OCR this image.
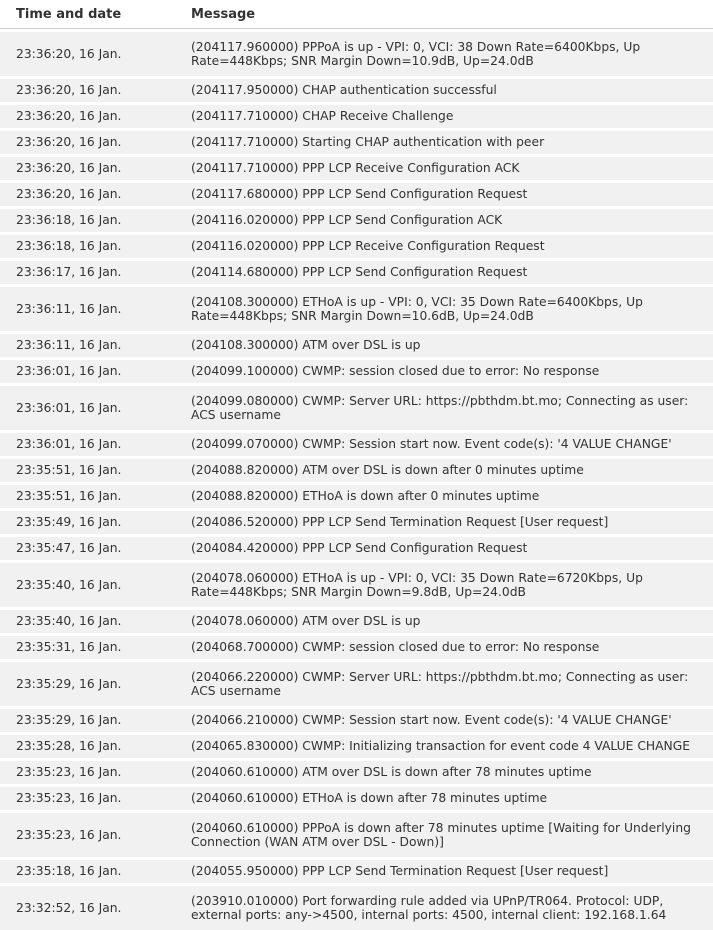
Time and date	Message
23:36:20, 16 Jan.	(204117.960000) PPPoA is up - VPI: 0, VCI: 38 Down Rate=6400Kbps, Up Rate=448Kbps; SNR Margin Down=10.9dB, Up=24.0dB
23:36:20, 16 Jan.	(204117.950000) CHAP authentication successful
23:36:20, 16 Jan.	(204117.710000) CHAP Receive Challenge
23:36:20, 16 Jan.	(204117.710000) Starting CHAP authentication with peer
23:36:20, 16 Jan.	(204117.710000) PPP LCP Receive Configuration ACK
23:36:20, 16 Jan.	(204117.680000) PPP LCP Send Configuration Request
23:36:18, 16 Jan.	(204116.020000) PPP LCP Send Configuration ACK
23:36:18, 16 Jan.	(204116.020000) PPP LCP Receive Configuration Request
23:36:17, 16 Jan.	(204114.680000) PPP LCP Send Configuration Request
23:36:11, 16 Jan.	(204108.300000) ETHoA is up - VPI: 0, VCI: 35 Down Rate=6400Kbps, Up Rate=448Kbps; SNR Margin Down=10.6dB, Up=24.0dB
23:36:11, 16 Jan.	(204108.300000) ATM over DSL is up
23:36:01, 16 Jan.	(204099.100000) CWMP: session closed due to error: No response
23:36:01, 16 Jan.	(204099.080000) CWMP: Server URL: https://pbthdm.bt.mo; Connecting as user: ACS username
23:36:01, 16 Jan.	(204099.070000) CWMP: Session start now. Event code(s): '4 VALUE CHANGE'
23:35:51, 16 Jan.	(204088.820000) ATM over DSL is down after 0 minutes uptime
23:35:51, 16 Jan.	(204088.820000) ETHoA is down after 0 minutes uptime
23:35:49, 16 Jan.	(204086.520000) PPP LCP Send Termination Request [User request]
23:35:47, 16 Jan.	(204084.420000) PPP LCP Send Configuration Request
23:35:40, 16 Jan.	(204078.060000) ETHoA is up - VPI: 0, VCI: 35 Down Rate=6720Kbps, Up Rate=448Kbps; SNR Margin Down=9.8dB, Up=24.0dB
23:35:40, 16 Jan.	(204078.060000) ATM over DSL is up
23:35:31, 16 Jan.	(204068.700000) CWMP: session closed due to error: No response
23:35:29, 16 Jan.	(204066.220000) CWMP: Server URL: https://pbthdm.bt.mo; Connecting as user: ACS username
23:35:29, 16 Jan.	(204066.210000) CWMP: Session start now. Event code(s): '4 VALUE CHANGE'
23:35:28, 16 Jan.	(204065.830000) CWMP: Initializing transaction for event code 4 VALUE CHANGE
23:35:23, 16 Jan.	(204060.610000) ATM over DSL is down after 78 minutes uptime
23:35:23, 16 Jan.	(204060.610000) ETHoA is down after 78 minutes uptime
23:35:23, 16 Jan.	(204060.610000) PPPoA is down after 78 minutes uptime [Waiting for Underlying Connection (WAN ATM over DSL - Down)]
23:35:18, 16 Jan.	(204055.950000) PPP LCP Send Termination Request [User request]
23:32:52, 16 Jan.	(203910.010000) Port forwarding rule added via UPnP/TR064. Protocol: UDP, external ports: any->4500, internal ports: 4500, internal client: 192.168.1.64
